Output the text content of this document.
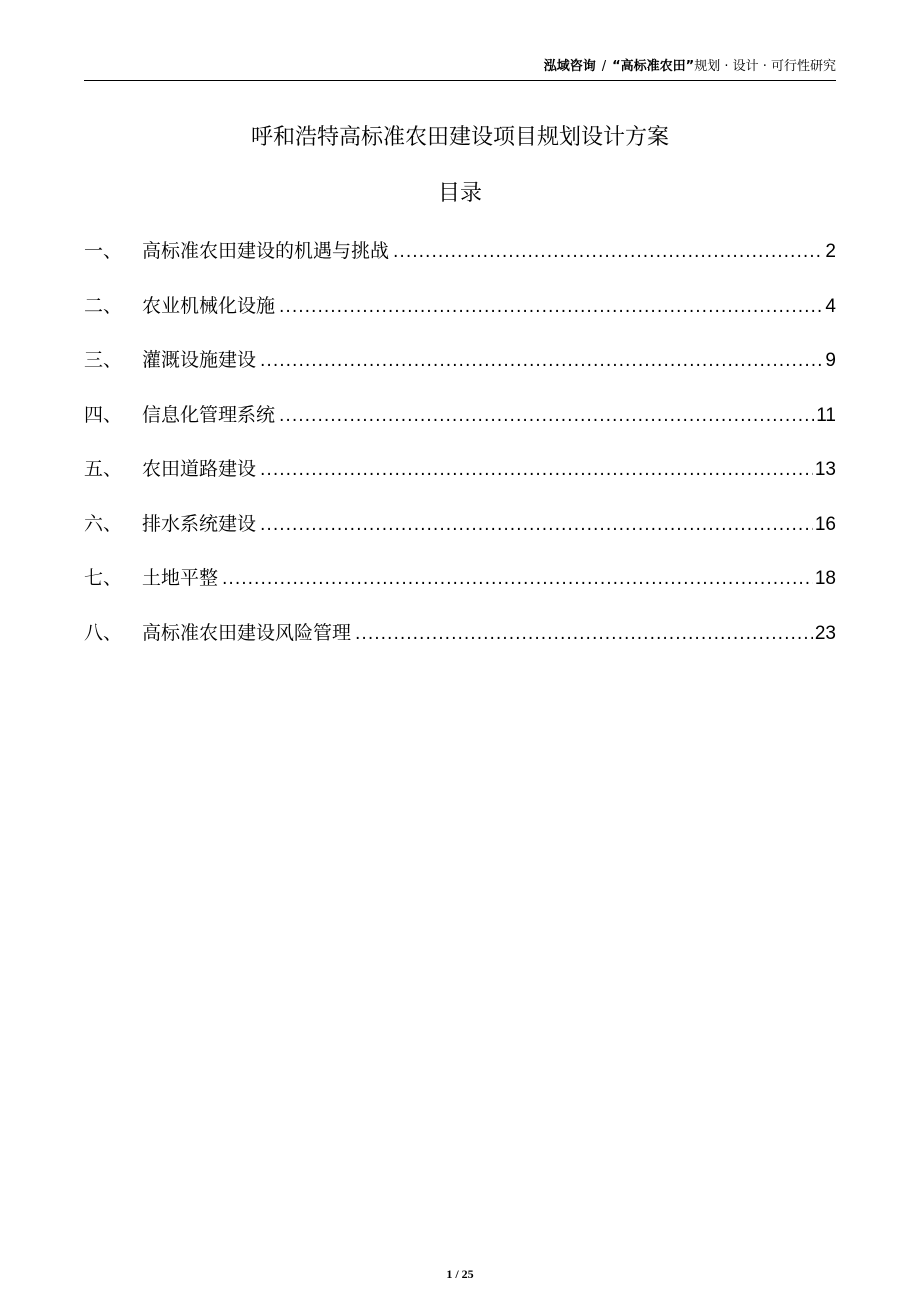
泓域咨询 / “高标准农田”规划 · 设计 · 可行性研究
呼和浩特高标准农田建设项目规划设计方案
目录
一、	高标准农田建设的机遇与挑战 .....	2
二、	农业机械化设施 .....	4
三、	灌溉设施建设 .....	9
四、	信息化管理系统 .....	11
五、	农田道路建设 .....	13
六、	排水系统建设 .....	16
七、	土地平整 .....	18
八、	高标准农田建设风险管理 .....	23
1 / 25
